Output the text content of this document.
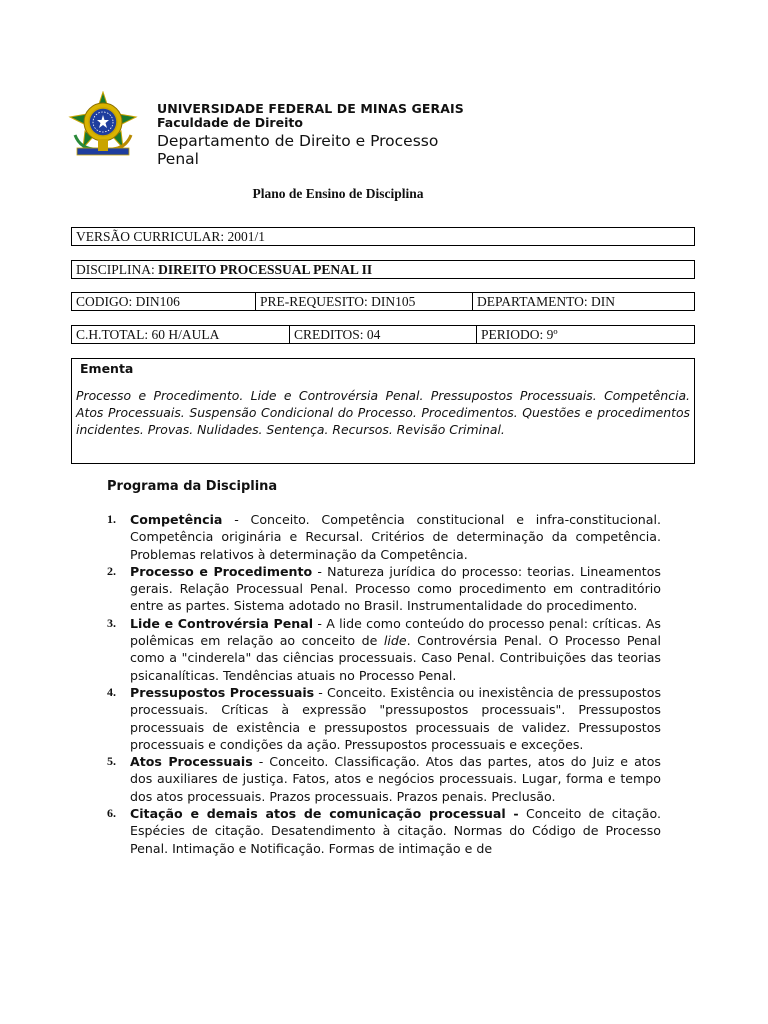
UNIVERSIDADE FEDERAL DE MINAS GERAIS
Faculdade de Direito
Departamento de Direito e Processo
Penal
Plano de Ensino de Disciplina
VERSÃO CURRICULAR: 2001/1
DISCIPLINA: DIREITO PROCESSUAL PENAL II
CODIGO: DIN106	PRE-REQUESITO: DIN105	DEPARTAMENTO: DIN
C.H.TOTAL: 60 H/AULA	CREDITOS: 04	PERIODO: 9º
Ementa
Processo e Procedimento. Lide e Controvérsia Penal. Pressupostos Processuais. Competência. Atos Processuais. Suspensão Condicional do Processo. Procedimentos. Questões e procedimentos incidentes. Provas. Nulidades. Sentença. Recursos. Revisão Criminal.
Programa da Disciplina
1. Competência - Conceito. Competência constitucional e infra-constitucional. Competência originária e Recursal. Critérios de determinação da competência. Problemas relativos à determinação da Competência.
2. Processo e Procedimento - Natureza jurídica do processo: teorias. Lineamentos gerais. Relação Processual Penal. Processo como procedimento em contraditório entre as partes. Sistema adotado no Brasil. Instrumentalidade do procedimento.
3. Lide e Controvérsia Penal - A lide como conteúdo do processo penal: críticas. As polêmicas em relação ao conceito de lide. Controvérsia Penal. O Processo Penal como a "cinderela" das ciências processuais. Caso Penal. Contribuições das teorias psicanalíticas. Tendências atuais no Processo Penal.
4. Pressupostos Processuais - Conceito. Existência ou inexistência de pressupostos processuais. Críticas à expressão "pressupostos processuais". Pressupostos processuais de existência e pressupostos processuais de validez. Pressupostos processuais e condições da ação. Pressupostos processuais e exceções.
5. Atos Processuais - Conceito. Classificação. Atos das partes, atos do Juiz e atos dos auxiliares de justiça. Fatos, atos e negócios processuais. Lugar, forma e tempo dos atos processuais. Prazos processuais. Prazos penais. Preclusão.
6. Citação e demais atos de comunicação processual - Conceito de citação. Espécies de citação. Desatendimento à citação. Normas do Código de Processo Penal. Intimação e Notificação. Formas de intimação e de
